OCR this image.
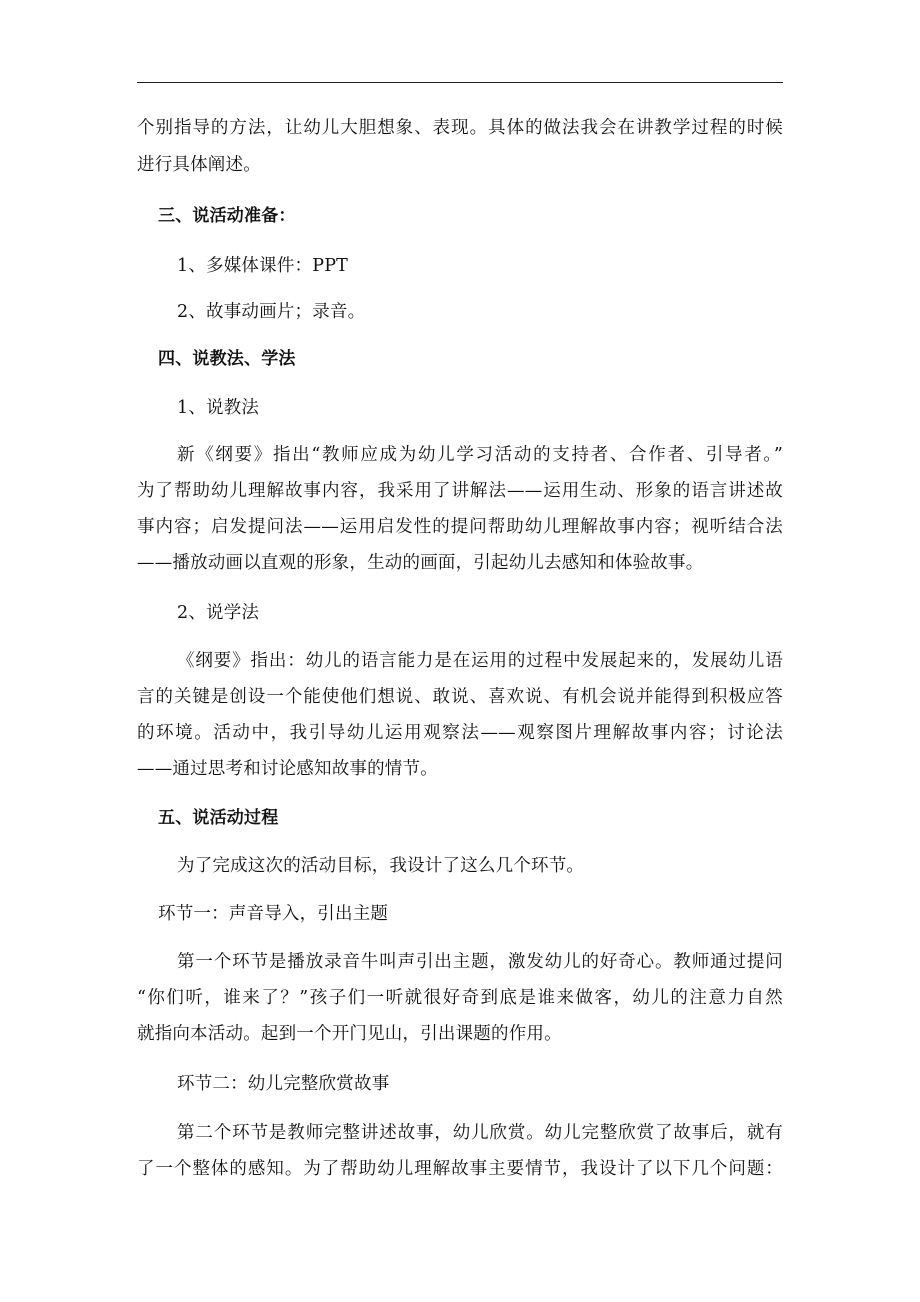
个别指导的方法，让幼儿大胆想象、表现。具体的做法我会在讲教学过程的时候
进行具体阐述。
三、说活动准备：
1、多媒体课件：PPT
2、故事动画片；录音。
四、说教法、学法
1、说教法
新《纲要》指出“教师应成为幼儿学习活动的支持者、合作者、引导者。”
为了帮助幼儿理解故事内容，我采用了讲解法——运用生动、形象的语言讲述故
事内容；启发提问法——运用启发性的提问帮助幼儿理解故事内容；视听结合法
——播放动画以直观的形象，生动的画面，引起幼儿去感知和体验故事。
2、说学法
《纲要》指出：幼儿的语言能力是在运用的过程中发展起来的，发展幼儿语
言的关键是创设一个能使他们想说、敢说、喜欢说、有机会说并能得到积极应答
的环境。活动中，我引导幼儿运用观察法——观察图片理解故事内容；讨论法
——通过思考和讨论感知故事的情节。
五、说活动过程
为了完成这次的活动目标，我设计了这么几个环节。
环节一：声音导入，引出主题
第一个环节是播放录音牛叫声引出主题，激发幼儿的好奇心。教师通过提问
“你们听，谁来了？”孩子们一听就很好奇到底是谁来做客，幼儿的注意力自然
就指向本活动。起到一个开门见山，引出课题的作用。
环节二：幼儿完整欣赏故事
第二个环节是教师完整讲述故事，幼儿欣赏。幼儿完整欣赏了故事后，就有
了一个整体的感知。为了帮助幼儿理解故事主要情节，我设计了以下几个问题：
